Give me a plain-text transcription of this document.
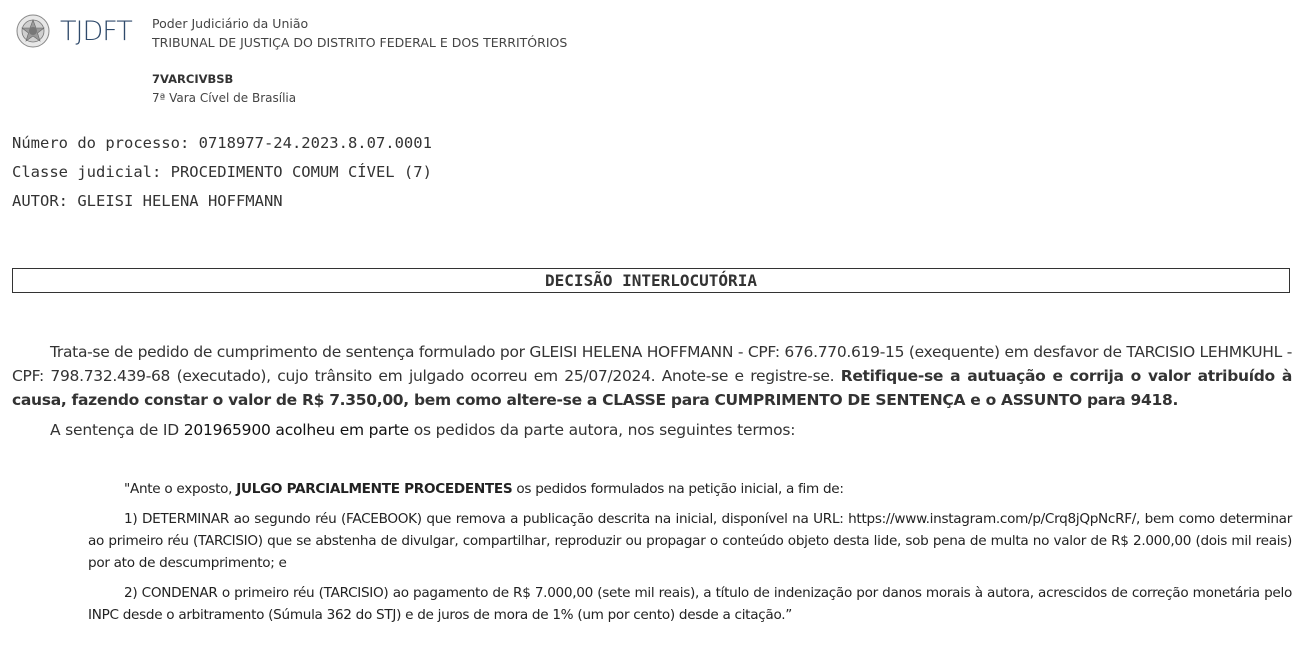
TJDFT Poder Judiciário da União
TRIBUNAL DE JUSTIÇA DO DISTRITO FEDERAL E DOS TERRITÓRIOS
7VARCIVBSB
7ª Vara Cível de Brasília
Número do processo: 0718977-24.2023.8.07.0001
Classe judicial: PROCEDIMENTO COMUM CÍVEL (7)
AUTOR: GLEISI HELENA HOFFMANN
DECISÃO INTERLOCUTÓRIA

Trata-se de pedido de cumprimento de sentença formulado por GLEISI HELENA HOFFMANN - CPF: 676.770.619-15 (exequente) em desfavor de TARCISIO LEHMKUHL - CPF: 798.732.439-68 (executado), cujo trânsito em julgado ocorreu em 25/07/2024. Anote-se e registre-se. Retifique-se a autuação e corrija o valor atribuído à causa, fazendo constar o valor de R$ 7.350,00, bem como altere-se a CLASSE para CUMPRIMENTO DE SENTENÇA e o ASSUNTO para 9418.

A sentença de ID 201965900 acolheu em parte os pedidos da parte autora, nos seguintes termos:

"Ante o exposto, JULGO PARCIALMENTE PROCEDENTES os pedidos formulados na petição inicial, a fim de:

1) DETERMINAR ao segundo réu (FACEBOOK) que remova a publicação descrita na inicial, disponível na URL: https://www.instagram.com/p/Crq8jQpNcRF/, bem como determinar ao primeiro réu (TARCISIO) que se abstenha de divulgar, compartilhar, reproduzir ou propagar o conteúdo objeto desta lide, sob pena de multa no valor de R$ 2.000,00 (dois mil reais) por ato de descumprimento; e

2) CONDENAR o primeiro réu (TARCISIO) ao pagamento de R$ 7.000,00 (sete mil reais), a título de indenização por danos morais à autora, acrescidos de correção monetária pelo INPC desde o arbitramento (Súmula 362 do STJ) e de juros de mora de 1% (um por cento) desde a citação.”
